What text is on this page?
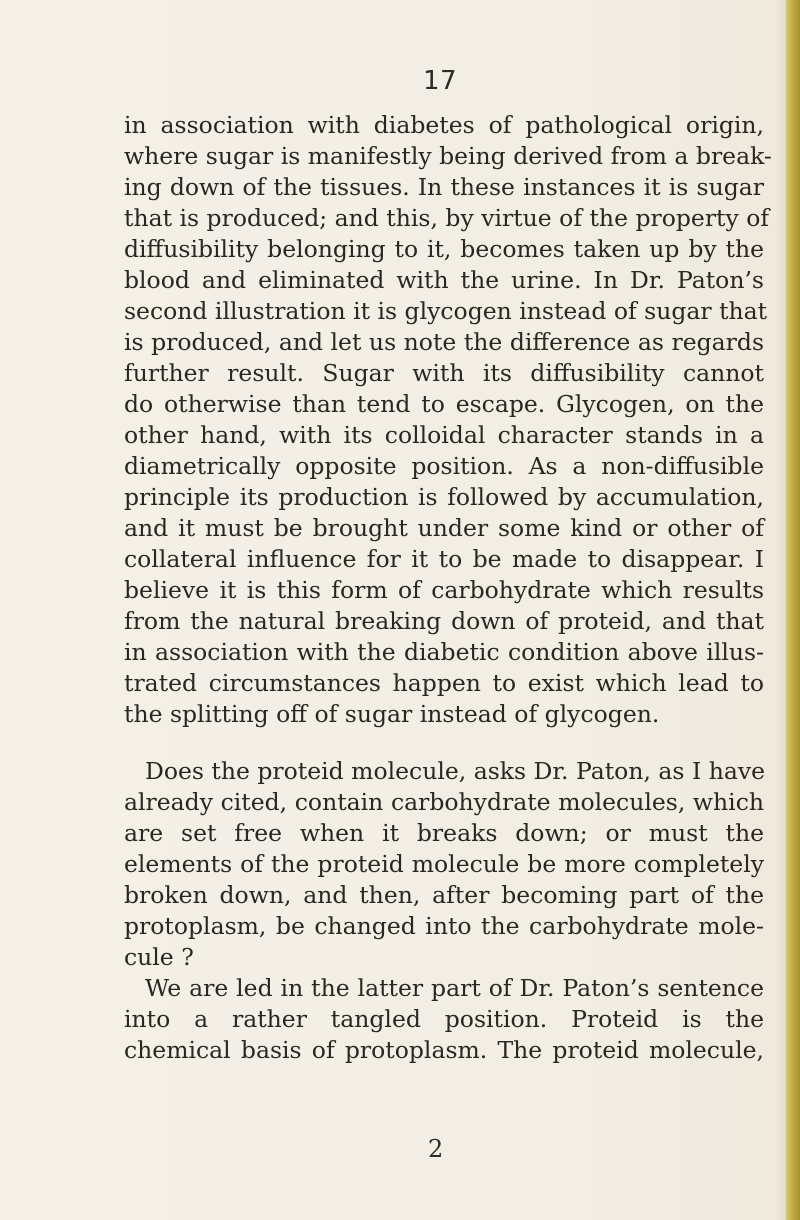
17
in association with diabetes of pathological origin,
where sugar is manifestly being derived from a break-
ing down of the tissues. In these instances it is sugar
that is produced; and this, by virtue of the property of
diffusibility belonging to it, becomes taken up by the
blood and eliminated with the urine. In Dr. Paton’s
second illustration it is glycogen instead of sugar that
is produced, and let us note the difference as regards
further result. Sugar with its diffusibility cannot
do otherwise than tend to escape. Glycogen, on the
other hand, with its colloidal character stands in a
diametrically opposite position. As a non-diffusible
principle its production is followed by accumulation,
and it must be brought under some kind or other of
collateral influence for it to be made to disappear. I
believe it is this form of carbohydrate which results
from the natural breaking down of proteid, and that
in association with the diabetic condition above illus-
trated circumstances happen to exist which lead to
the splitting off of sugar instead of glycogen.
Does the proteid molecule, asks Dr. Paton, as I have
already cited, contain carbohydrate molecules, which
are set free when it breaks down; or must the
elements of the proteid molecule be more completely
broken down, and then, after becoming part of the
protoplasm, be changed into the carbohydrate mole-
cule ?
We are led in the latter part of Dr. Paton’s sentence
into a rather tangled position. Proteid is the
chemical basis of protoplasm. The proteid molecule,
2
